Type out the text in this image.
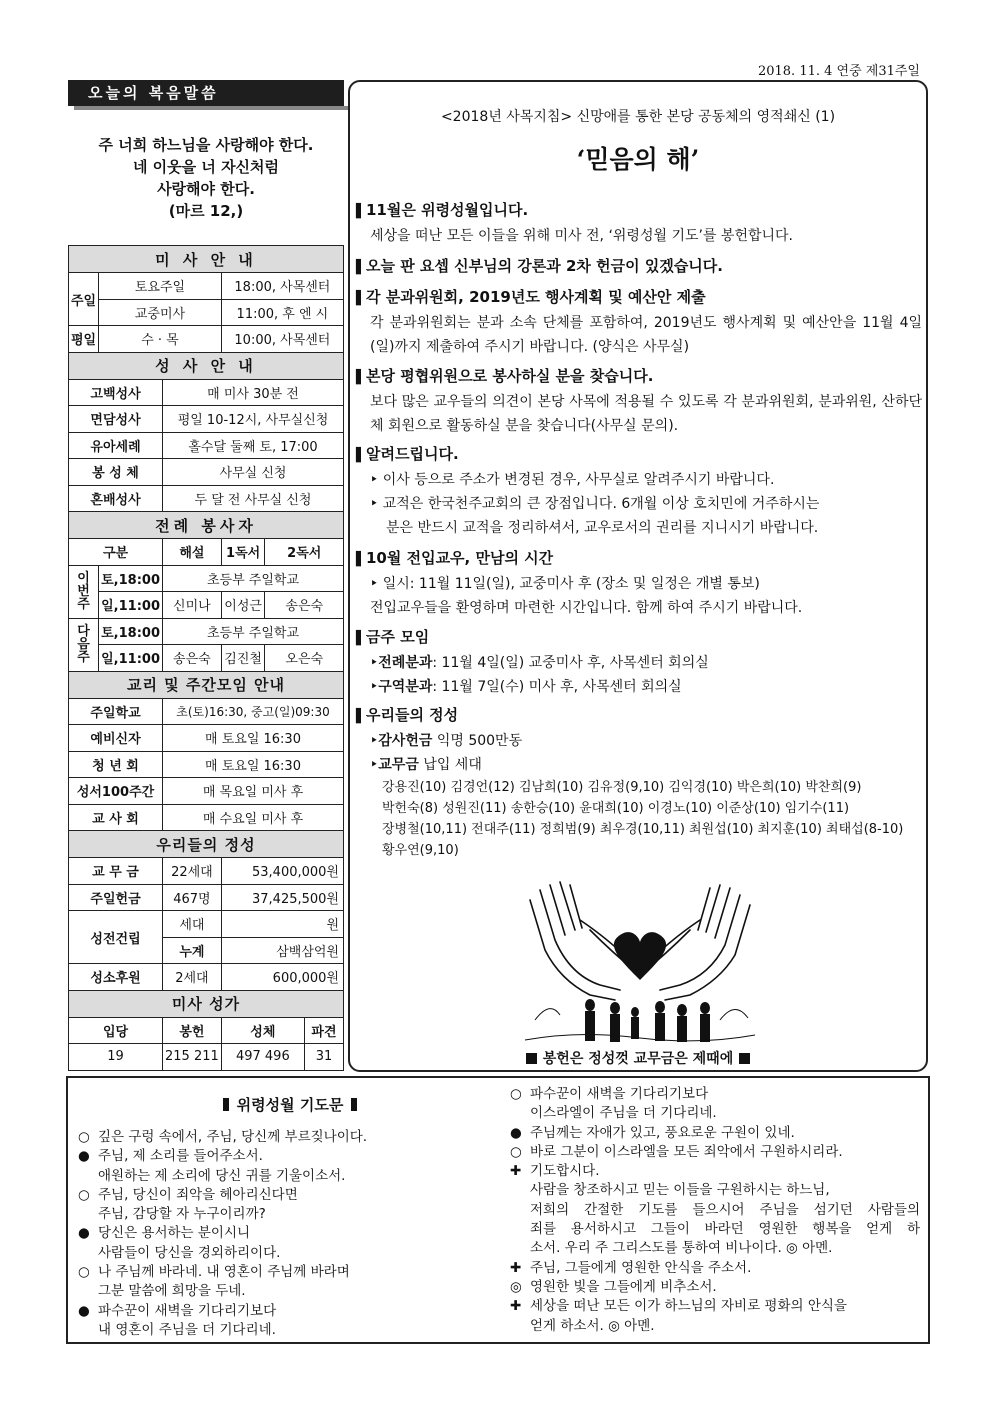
2018. 11. 4 연중 제31주일
오늘의 복음말씀
주 너희 하느님을 사랑해야 한다.
네 이웃을 너 자신처럼
사랑해야 한다.
(마르 12,)
미 사 안 내					
주일	토요주일		18:00, 사목센터		
	교중미사		11:00, 후 엔 시		
평일	수 · 목		10:00, 사목센터		
성 사 안 내					
고백성사		매 미사 30분 전			
면담성사		평일 10-12시, 사무실신청			
유아세례		홀수달 둘째 토, 17:00			
봉 성 체		사무실 신청			
혼배성사		두 달 전 사무실 신청			
전례 봉사자					
구분		해설	1독서	2독서	

이
번
주	토,18:00	초등부 주일학교			
	일,11:00	신미나	이성근	송은숙	

다
음
주	토,18:00	초등부 주일학교			
	일,11:00	송은숙	김진철	오은숙	
교리 및 주간모임 안내					
주일학교		초(토)16:30, 중고(일)09:30			
예비신자		매 토요일 16:30			
청 년 회		매 토요일 16:30			
성서100주간		매 목요일 미사 후			
교 사 회		매 수요일 미사 후			
우리들의 정성					
교 무 금		22세대	53,400,000원		
주일헌금		467명	37,425,500원		
성전건립		세대	원		
		누계	삼백삼억원		
성소후원		2세대	600,000원		
미사 성가					
입당		봉헌	성체		파견
19		215 211	497 496		31
<2018년 사목지침> 신망애를 통한 본당 공동체의 영적쇄신 (1)
‘믿음의 해’
▌ 11월은 위령성월입니다.
세상을 떠난 모든 이들을 위해 미사 전, ‘위령성월 기도’를 봉헌합니다.
▌ 오늘 판 요셉 신부님의 강론과 2차 헌금이 있겠습니다.
▌ 각 분과위원회, 2019년도 행사계획 및 예산안 제출
각 분과위원회는 분과 소속 단체를 포함하여, 2019년도 행사계획 및 예산안을 11월 4일(일)까지 제출하여 주시기 바랍니다. (양식은 사무실)
▌ 본당 평협위원으로 봉사하실 분을 찾습니다.
보다 많은 교우들의 의견이 본당 사목에 적용될 수 있도록 각 분과위원회, 분과위원, 산하단체 회원으로 활동하실 분을 찾습니다(사무실 문의).
▌ 알려드립니다.
‣ 이사 등으로 주소가 변경된 경우, 사무실로 알려주시기 바랍니다.
‣ 교적은 한국천주교회의 큰 장점입니다. 6개월 이상 호치민에 거주하시는
분은 반드시 교적을 정리하셔서, 교우로서의 권리를 지니시기 바랍니다.
▌ 10월 전입교우, 만남의 시간
‣ 일시: 11월 11일(일), 교중미사 후 (장소 및 일정은 개별 통보)
전입교우들을 환영하며 마련한 시간입니다. 함께 하여 주시기 바랍니다.
▌ 금주 모임
‣ 전례분과: 11월 4일(일) 교중미사 후, 사목센터 회의실
‣ 구역분과: 11월 7일(수) 미사 후, 사목센터 회의실
▌ 우리들의 정성
‣ 감사헌금 익명 500만동
‣ 교무금 납입 세대
강용진(10) 김경언(12) 김남희(10) 김유정(9,10) 김익경(10) 박은희(10) 박찬희(9)
박헌숙(8) 성원진(11) 송한승(10) 윤대희(10) 이경노(10) 이준상(10) 임기수(11)
장병철(10,11) 전대주(11) 정희범(9) 최우경(10,11) 최원섭(10) 최지훈(10) 최태섭(8-10)
황우연(9,10)
봉헌은 정성껏 교무금은 제때에
위령성월 기도문
○ 깊은 구렁 속에서, 주님, 당신께 부르짖나이다.
● 주님, 제 소리를 들어주소서.
애원하는 제 소리에 당신 귀를 기울이소서.
○ 주님, 당신이 죄악을 헤아리신다면
주님, 감당할 자 누구이리까?
● 당신은 용서하는 분이시니
사람들이 당신을 경외하리이다.
○ 나 주님께 바라네. 내 영혼이 주님께 바라며
그분 말씀에 희망을 두네.
● 파수꾼이 새벽을 기다리기보다
내 영혼이 주님을 더 기다리네.
○ 파수꾼이 새벽을 기다리기보다
이스라엘이 주님을 더 기다리네.
● 주님께는 자애가 있고, 풍요로운 구원이 있네.
○ 바로 그분이 이스라엘을 모든 죄악에서 구원하시리라.
✚ 기도합시다.
사람을 창조하시고 믿는 이들을 구원하시는 하느님,
저희의 간절한 기도를 들으시어 주님을 섬기던 사람들의
죄를 용서하시고 그들이 바라던 영원한 행복을 얻게 하
소서. 우리 주 그리스도를 통하여 비나이다. ◎ 아멘.
✚ 주님, 그들에게 영원한 안식을 주소서.
◎ 영원한 빛을 그들에게 비추소서.
✚ 세상을 떠난 모든 이가 하느님의 자비로 평화의 안식을
얻게 하소서. ◎ 아멘.
